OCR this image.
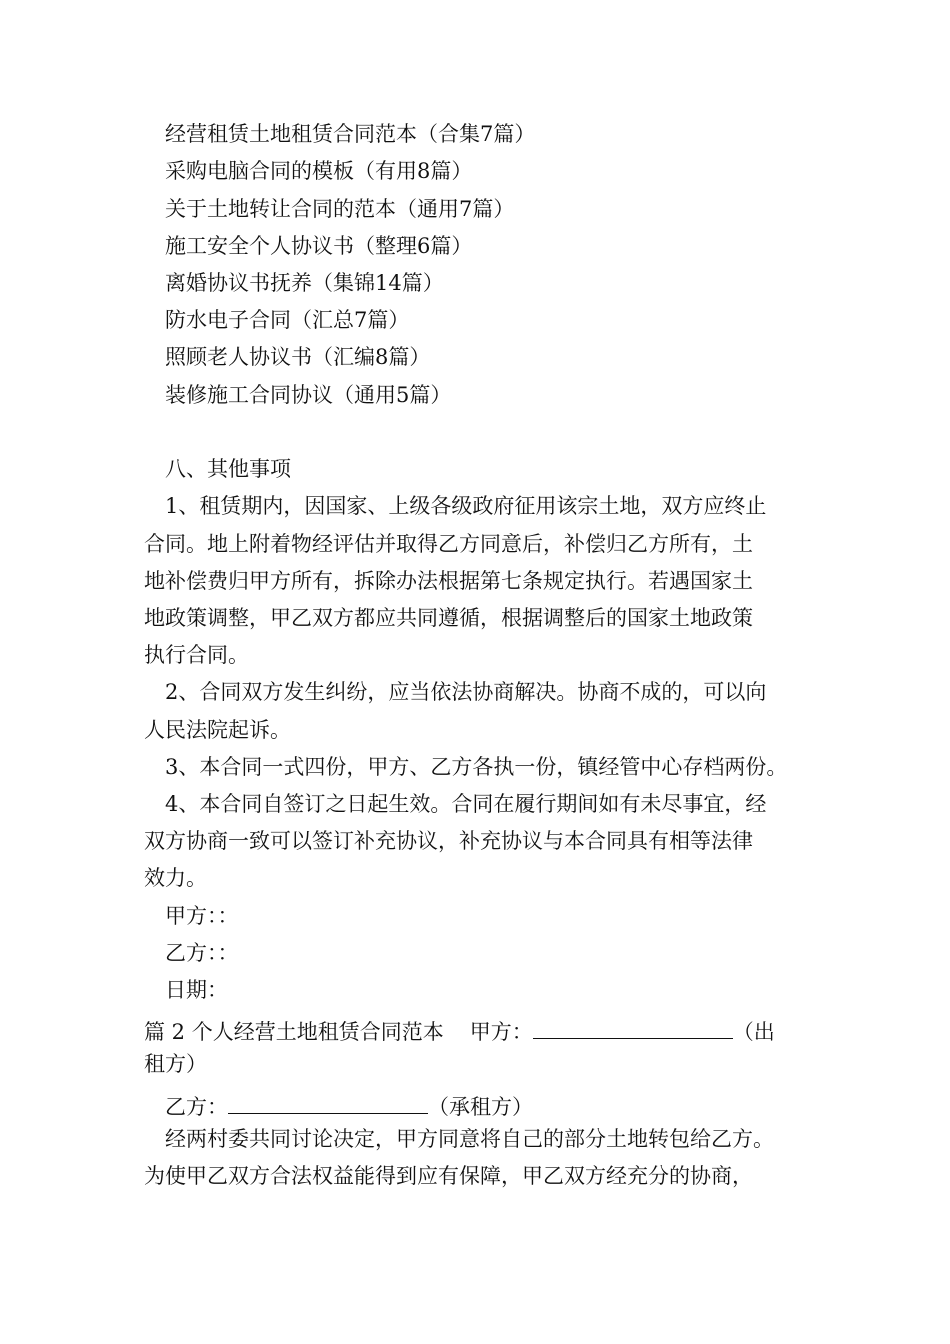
经营租赁土地租赁合同范本（合集7篇）
采购电脑合同的模板（有用8篇）
关于土地转让合同的范本（通用7篇）
施工安全个人协议书（整理6篇）
离婚协议书抚养（集锦14篇）
防水电子合同（汇总7篇）
照顾老人协议书（汇编8篇）
装修施工合同协议（通用5篇）
八、其他事项
1、租赁期内，因国家、上级各级政府征用该宗土地，双方应终止
合同。地上附着物经评估并取得乙方同意后，补偿归乙方所有，土
地补偿费归甲方所有，拆除办法根据第七条规定执行。若遇国家土
地政策调整，甲乙双方都应共同遵循，根据调整后的国家土地政策
执行合同。
2、合同双方发生纠纷，应当依法协商解决。协商不成的，可以向
人民法院起诉。
3、本合同一式四份，甲方、乙方各执一份，镇经管中心存档两份。
4、本合同自签订之日起生效。合同在履行期间如有未尽事宜，经
双方协商一致可以签订补充协议，补充协议与本合同具有相等法律
效力。
甲方：：
乙方：：
日期：
篇 2 个人经营土地租赁合同范本 甲方：	（出
租方）
乙方：	（承租方）
经两村委共同讨论决定，甲方同意将自己的部分土地转包给乙方。
为使甲乙双方合法权益能得到应有保障，甲乙双方经充分的协商，
